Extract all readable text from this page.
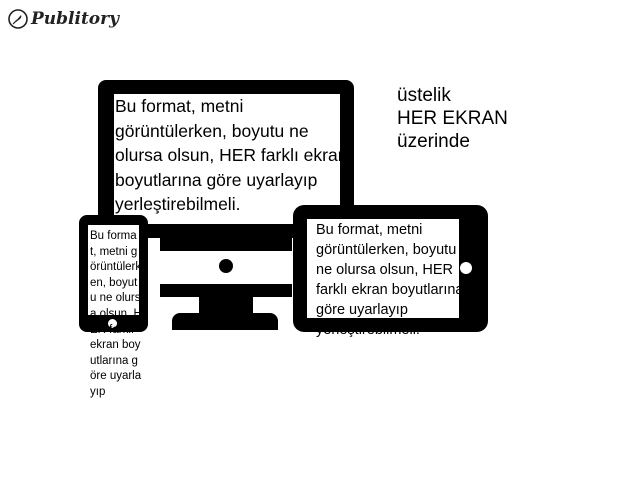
Publitory
üstelik
HER EKRAN
üzerinde
Bu format, metni görüntülerken, boyutu ne olursa olsun, HER farklı ekran boyutlarına göre uyarlayıp yerleştirebilmeli.
Bu format, metni görüntülerken, boyutu ne olursa olsun, HER farklı ekran boyutlarına göre uyarlayıp
Bu format, metni görüntülerken, boyutu ne olursa olsun, HER farklı ekran boyutlarına göre uyarlayıp yerleştirebilmeli.
